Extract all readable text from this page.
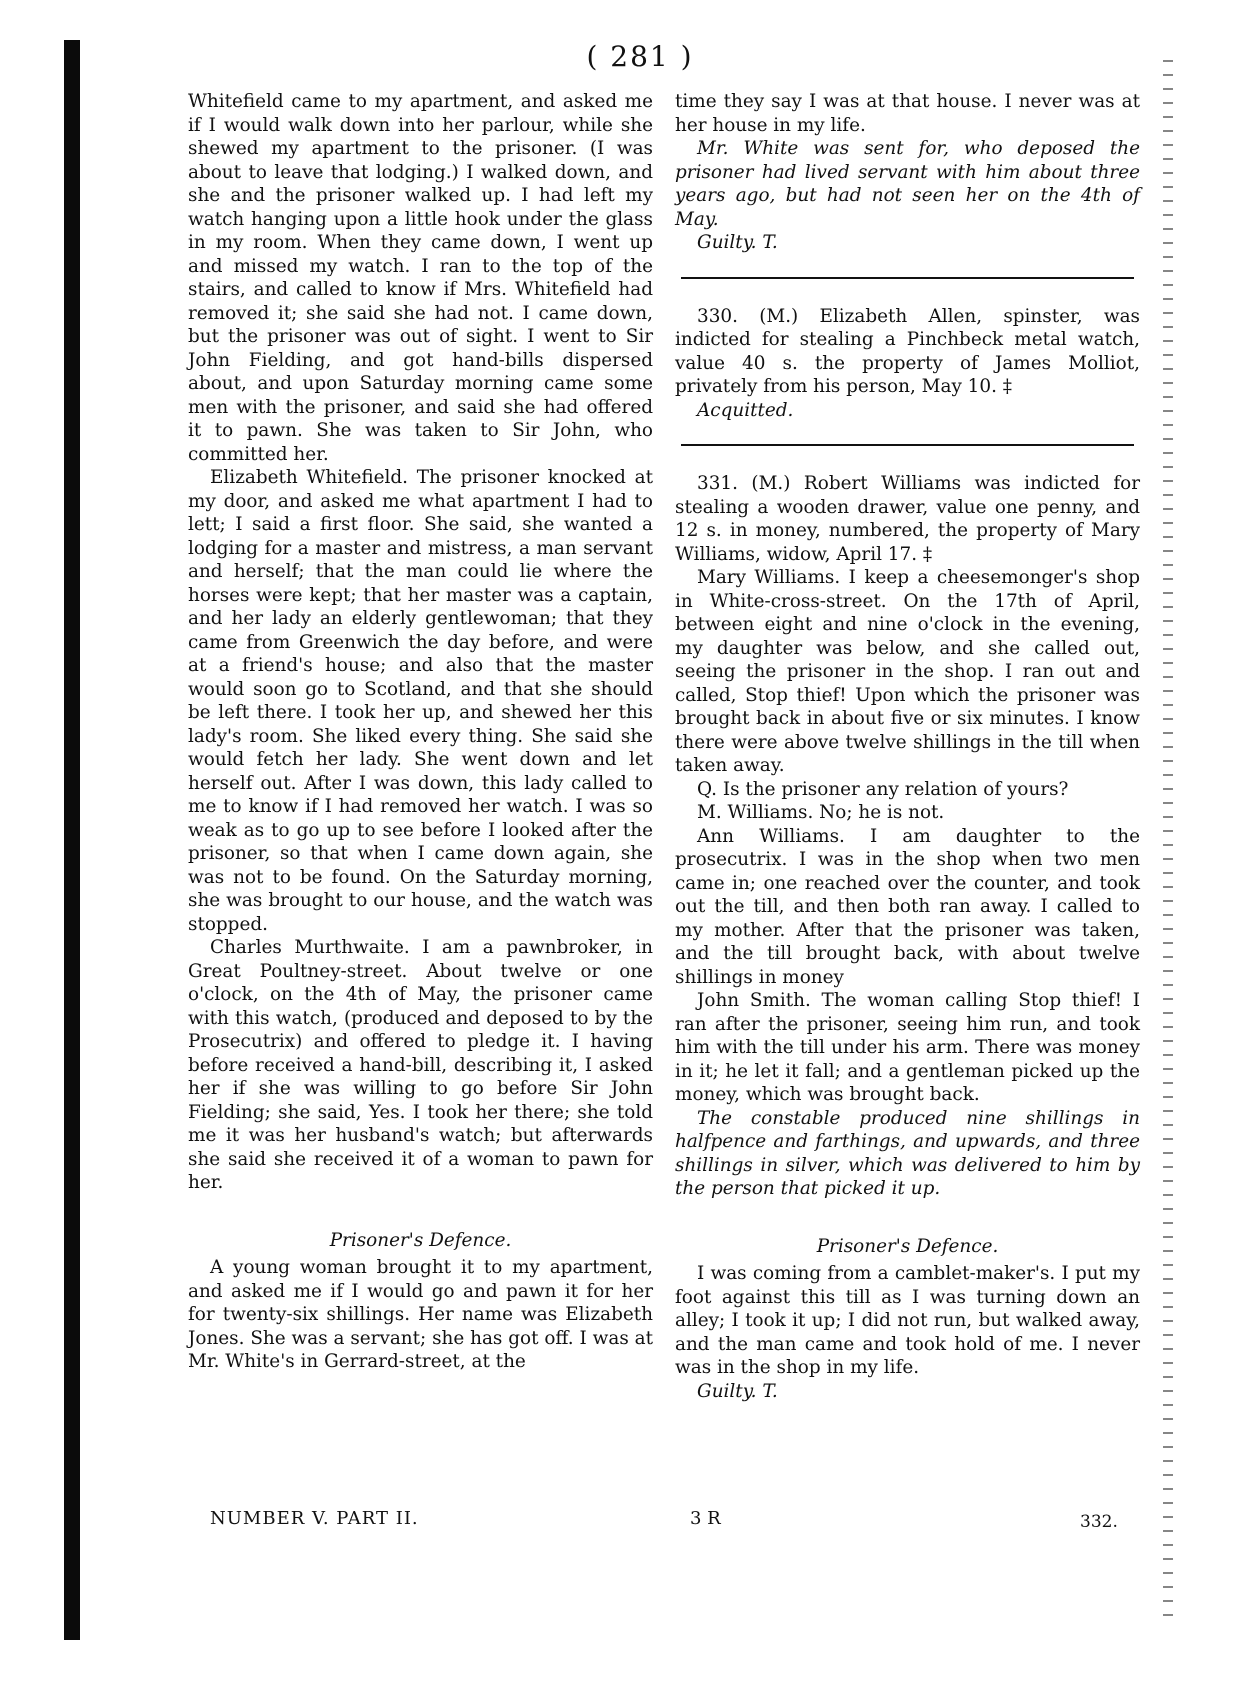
( 281 )

Whitefield came to my apartment, and asked me if I would walk down into her parlour, while she shewed my apartment to the prisoner. (I was about to leave that lodging.) I walked down, and she and the prisoner walked up. I had left my watch hanging upon a little hook under the glass in my room. When they came down, I went up and missed my watch. I ran to the top of the stairs, and called to know if Mrs. Whitefield had removed it; she said she had not. I came down, but the prisoner was out of sight. I went to Sir John Fielding, and got hand-bills dispersed about, and upon Saturday morning came some men with the prisoner, and said she had offered it to pawn. She was taken to Sir John, who committed her.

Elizabeth Whitefield. The prisoner knocked at my door, and asked me what apartment I had to lett; I said a first floor. She said, she wanted a lodging for a master and mistress, a man servant and herself; that the man could lie where the horses were kept; that her master was a captain, and her lady an elderly gentlewoman; that they came from Greenwich the day before, and were at a friend's house; and also that the master would soon go to Scotland, and that she should be left there. I took her up, and shewed her this lady's room. She liked every thing. She said she would fetch her lady. She went down and let herself out. After I was down, this lady called to me to know if I had removed her watch. I was so weak as to go up to see before I looked after the prisoner, so that when I came down again, she was not to be found. On the Saturday morning, she was brought to our house, and the watch was stopped.

Charles Murthwaite. I am a pawnbroker, in Great Poultney-street. About twelve or one o'clock, on the 4th of May, the prisoner came with this watch, (produced and deposed to by the Prosecutrix) and offered to pledge it. I having before received a hand-bill, describing it, I asked her if she was willing to go before Sir John Fielding; she said, Yes. I took her there; she told me it was her husband's watch; but afterwards she said she received it of a woman to pawn for her.

Prisoner's Defence.

A young woman brought it to my apartment, and asked me if I would go and pawn it for her for twenty-six shillings. Her name was Elizabeth Jones. She was a servant; she has got off. I was at Mr. White's in Gerrard-street, at the

time they say I was at that house. I never was at her house in my life.

Mr. White was sent for, who deposed the prisoner had lived servant with him about three years ago, but had not seen her on the 4th of May.

Guilty. T.

330. (M.) Elizabeth Allen, spinster, was indicted for stealing a Pinchbeck metal watch, value 40 s. the property of James Molliot, privately from his person, May 10. ‡

Acquitted.

331. (M.) Robert Williams was indicted for stealing a wooden drawer, value one penny, and 12 s. in money, numbered, the property of Mary Williams, widow, April 17. ‡

Mary Williams. I keep a cheesemonger's shop in White-cross-street. On the 17th of April, between eight and nine o'clock in the evening, my daughter was below, and she called out, seeing the prisoner in the shop. I ran out and called, Stop thief! Upon which the prisoner was brought back in about five or six minutes. I know there were above twelve shillings in the till when taken away.

Q. Is the prisoner any relation of yours?

M. Williams. No; he is not.

Ann Williams. I am daughter to the prosecutrix. I was in the shop when two men came in; one reached over the counter, and took out the till, and then both ran away. I called to my mother. After that the prisoner was taken, and the till brought back, with about twelve shillings in money

John Smith. The woman calling Stop thief! I ran after the prisoner, seeing him run, and took him with the till under his arm. There was money in it; he let it fall; and a gentleman picked up the money, which was brought back.

The constable produced nine shillings in halfpence and farthings, and upwards, and three shillings in silver, which was delivered to him by the person that picked it up.

Prisoner's Defence.

I was coming from a camblet-maker's. I put my foot against this till as I was turning down an alley; I took it up; I did not run, but walked away, and the man came and took hold of me. I never was in the shop in my life.

Guilty. T.

NUMBER V. PART II.	3 R	332.
